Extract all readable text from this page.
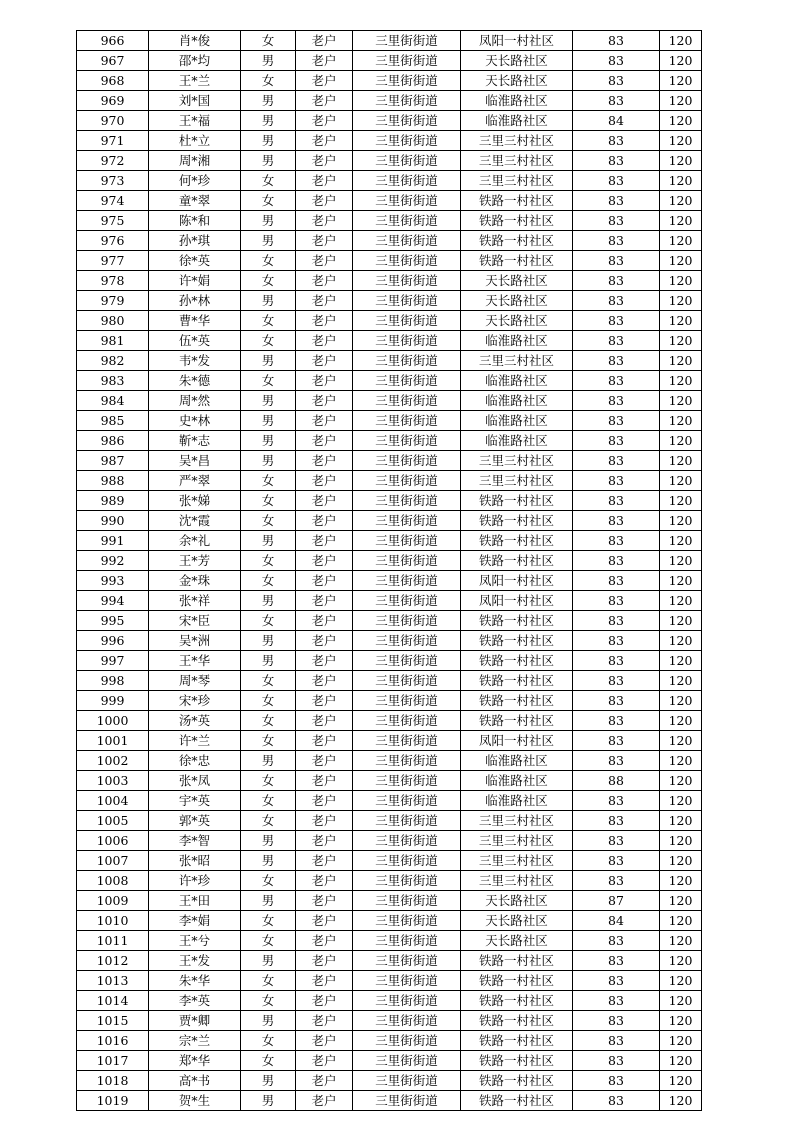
966	肖*俊	女	老户	三里街街道	凤阳一村社区	83	120
967	邵*均	男	老户	三里街街道	天长路社区	83	120
968	王*兰	女	老户	三里街街道	天长路社区	83	120
969	刘*国	男	老户	三里街街道	临淮路社区	83	120
970	王*福	男	老户	三里街街道	临淮路社区	84	120
971	杜*立	男	老户	三里街街道	三里三村社区	83	120
972	周*湘	男	老户	三里街街道	三里三村社区	83	120
973	何*珍	女	老户	三里街街道	三里三村社区	83	120
974	童*翠	女	老户	三里街街道	铁路一村社区	83	120
975	陈*和	男	老户	三里街街道	铁路一村社区	83	120
976	孙*琪	男	老户	三里街街道	铁路一村社区	83	120
977	徐*英	女	老户	三里街街道	铁路一村社区	83	120
978	许*娟	女	老户	三里街街道	天长路社区	83	120
979	孙*林	男	老户	三里街街道	天长路社区	83	120
980	曹*华	女	老户	三里街街道	天长路社区	83	120
981	伍*英	女	老户	三里街街道	临淮路社区	83	120
982	韦*发	男	老户	三里街街道	三里三村社区	83	120
983	朱*德	女	老户	三里街街道	临淮路社区	83	120
984	周*然	男	老户	三里街街道	临淮路社区	83	120
985	史*林	男	老户	三里街街道	临淮路社区	83	120
986	靳*志	男	老户	三里街街道	临淮路社区	83	120
987	吴*昌	男	老户	三里街街道	三里三村社区	83	120
988	严*翠	女	老户	三里街街道	三里三村社区	83	120
989	张*娣	女	老户	三里街街道	铁路一村社区	83	120
990	沈*霞	女	老户	三里街街道	铁路一村社区	83	120
991	余*礼	男	老户	三里街街道	铁路一村社区	83	120
992	王*芳	女	老户	三里街街道	铁路一村社区	83	120
993	金*珠	女	老户	三里街街道	凤阳一村社区	83	120
994	张*祥	男	老户	三里街街道	凤阳一村社区	83	120
995	宋*臣	女	老户	三里街街道	铁路一村社区	83	120
996	吴*洲	男	老户	三里街街道	铁路一村社区	83	120
997	王*华	男	老户	三里街街道	铁路一村社区	83	120
998	周*琴	女	老户	三里街街道	铁路一村社区	83	120
999	宋*珍	女	老户	三里街街道	铁路一村社区	83	120
1000	汤*英	女	老户	三里街街道	铁路一村社区	83	120
1001	许*兰	女	老户	三里街街道	凤阳一村社区	83	120
1002	徐*忠	男	老户	三里街街道	临淮路社区	83	120
1003	张*凤	女	老户	三里街街道	临淮路社区	88	120
1004	宇*英	女	老户	三里街街道	临淮路社区	83	120
1005	郭*英	女	老户	三里街街道	三里三村社区	83	120
1006	李*智	男	老户	三里街街道	三里三村社区	83	120
1007	张*昭	男	老户	三里街街道	三里三村社区	83	120
1008	许*珍	女	老户	三里街街道	三里三村社区	83	120
1009	王*田	男	老户	三里街街道	天长路社区	87	120
1010	李*娟	女	老户	三里街街道	天长路社区	84	120
1011	王*兮	女	老户	三里街街道	天长路社区	83	120
1012	王*发	男	老户	三里街街道	铁路一村社区	83	120
1013	朱*华	女	老户	三里街街道	铁路一村社区	83	120
1014	李*英	女	老户	三里街街道	铁路一村社区	83	120
1015	贾*卿	男	老户	三里街街道	铁路一村社区	83	120
1016	宗*兰	女	老户	三里街街道	铁路一村社区	83	120
1017	郑*华	女	老户	三里街街道	铁路一村社区	83	120
1018	高*书	男	老户	三里街街道	铁路一村社区	83	120
1019	贺*生	男	老户	三里街街道	铁路一村社区	83	120
